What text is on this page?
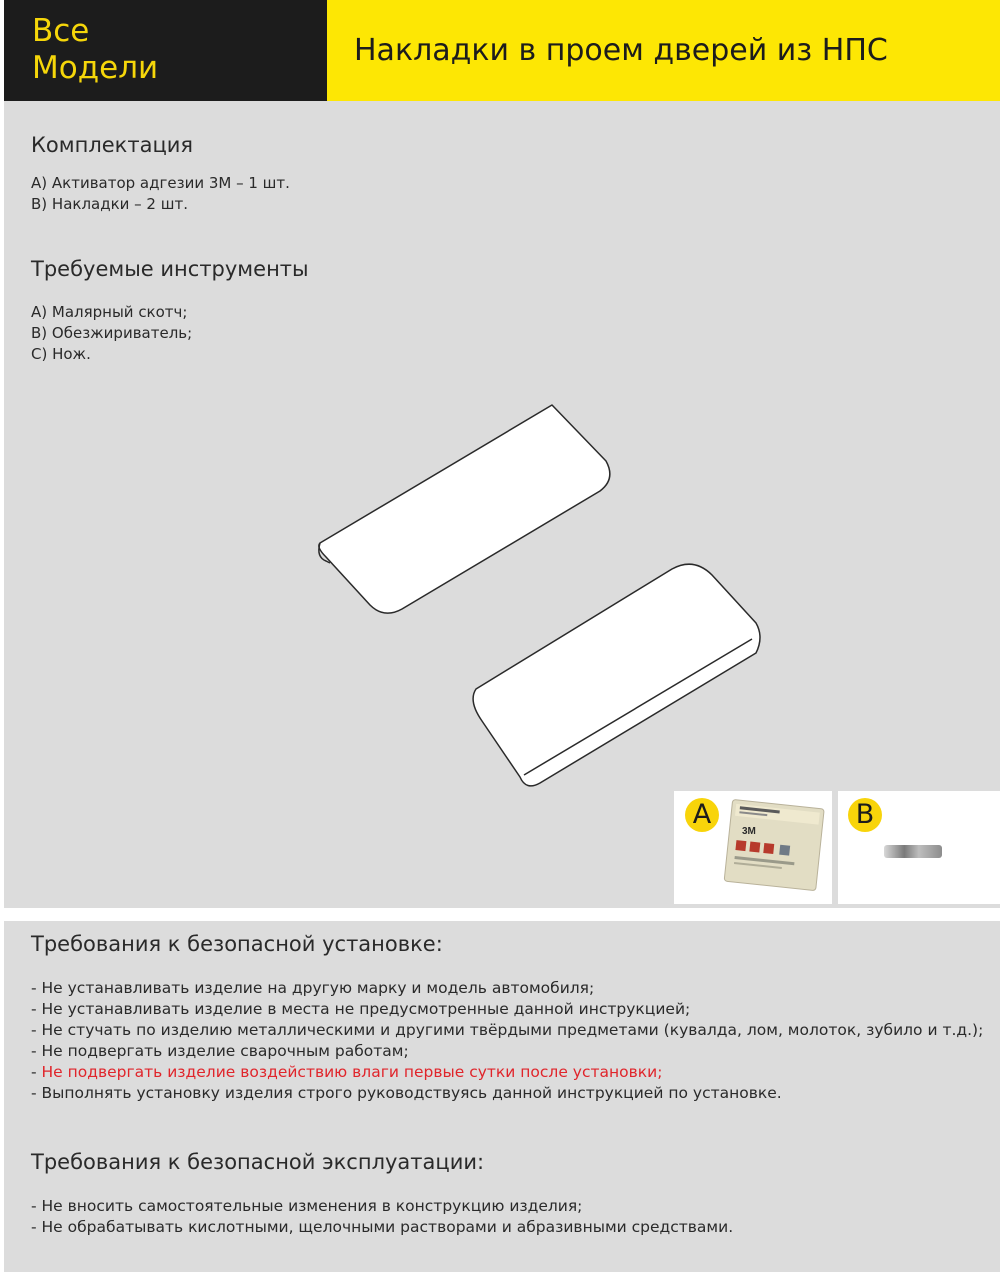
Все
Модели	Накладки в проем дверей из НПС
Комплектация
A) Активатор адгезии 3M – 1 шт.
B) Накладки – 2 шт.
Требуемые инструменты
A) Малярный скотч;
B) Обезжириватель;
C) Нож.
A
3M
B
Требования к безопасной установке:
- Не устанавливать изделие на другую марку и модель автомобиля;
- Не устанавливать изделие в места не предусмотренные данной инструкцией;
- Не стучать по изделию металлическими и другими твёрдыми предметами (кувалда, лом, молоток, зубило и т.д.);
- Не подвергать изделие сварочным работам;
- Не подвергать изделие воздействию влаги первые сутки после установки;
- Выполнять установку изделия строго руководствуясь данной инструкцией по установке.
Требования к безопасной эксплуатации:
- Не вносить самостоятельные изменения в конструкцию изделия;
- Не обрабатывать кислотными, щелочными растворами и абразивными средствами.
